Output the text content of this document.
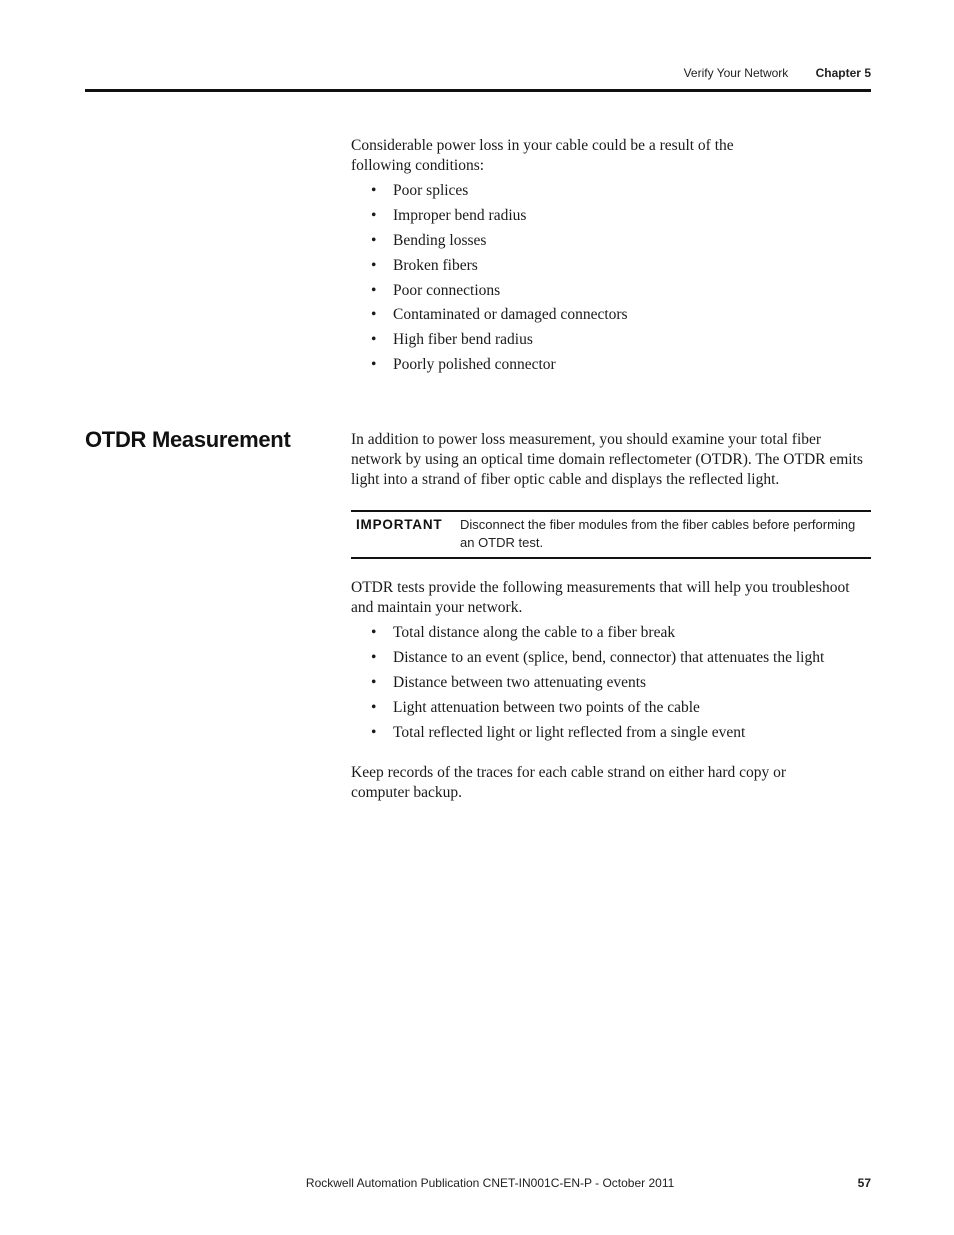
Verify Your Network Chapter 5

Considerable power loss in your cable could be a result of the following conditions:

• Poor splices
• Improper bend radius
• Bending losses
• Broken fibers
• Poor connections
• Contaminated or damaged connectors
• High fiber bend radius
• Poorly polished connector
OTDR Measurement	In addition to power loss measurement, you should examine your total fiber network by using an optical time domain reflectometer (OTDR). The OTDR emits light into a strand of fiber optic cable and displays the reflected light.

IMPORTANT Disconnect the fiber modules from the fiber cables before performing an OTDR test.

OTDR tests provide the following measurements that will help you troubleshoot and maintain your network.

• Total distance along the cable to a fiber break
• Distance to an event (splice, bend, connector) that attenuates the light
• Distance between two attenuating events
• Light attenuation between two points of the cable
• Total reflected light or light reflected from a single event

Keep records of the traces for each cable strand on either hard copy or computer backup.

Rockwell Automation Publication CNET-IN001C-EN-P - October 2011	57
